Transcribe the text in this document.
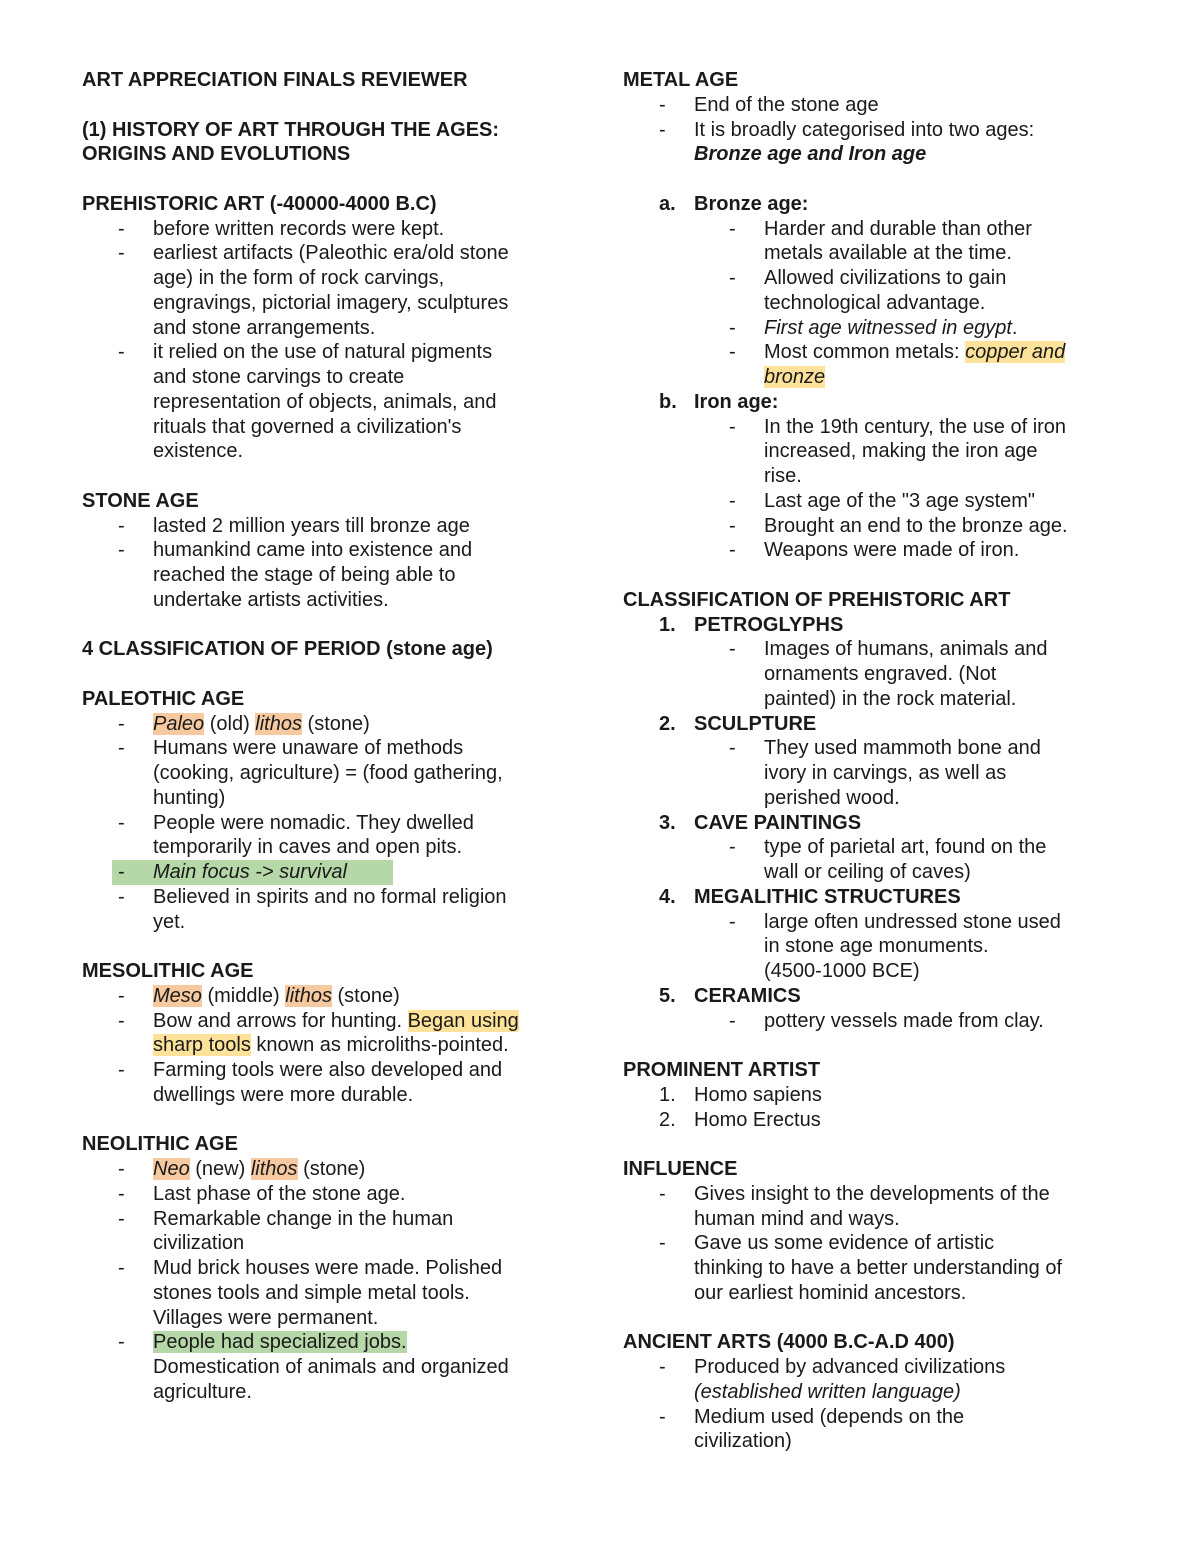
ART APPRECIATION FINALS REVIEWER
(1) HISTORY OF ART THROUGH THE AGES:
ORIGINS AND EVOLUTIONS
PREHISTORIC ART (-40000-4000 B.C)
- before written records were kept.
- earliest artifacts (Paleothic era/old stone
age) in the form of rock carvings,
engravings, pictorial imagery, sculptures
and stone arrangements.
- it relied on the use of natural pigments
and stone carvings to create
representation of objects, animals, and
rituals that governed a civilization's
existence.
STONE AGE
- lasted 2 million years till bronze age
- humankind came into existence and
reached the stage of being able to
undertake artists activities.
4 CLASSIFICATION OF PERIOD (stone age)
PALEOTHIC AGE
- Paleo (old) lithos (stone)
- Humans were unaware of methods
(cooking, agriculture) = (food gathering,
hunting)
- People were nomadic. They dwelled
temporarily in caves and open pits.
- Main focus -> survival
- Believed in spirits and no formal religion
yet.
MESOLITHIC AGE
- Meso (middle) lithos (stone)
- Bow and arrows for hunting. Began using
sharp tools known as microliths-pointed.
- Farming tools were also developed and
dwellings were more durable.
NEOLITHIC AGE
- Neo (new) lithos (stone)
- Last phase of the stone age.
- Remarkable change in the human
civilization
- Mud brick houses were made. Polished
stones tools and simple metal tools.
Villages were permanent.
- People had specialized jobs.
Domestication of animals and organized
agriculture.
METAL AGE
- End of the stone age
- It is broadly categorised into two ages:
Bronze age and Iron age
a. Bronze age:
- Harder and durable than other
metals available at the time.
- Allowed civilizations to gain
technological advantage.
- First age witnessed in egypt.
- Most common metals: copper and
bronze
b. Iron age:
- In the 19th century, the use of iron
increased, making the iron age
rise.
- Last age of the "3 age system"
- Brought an end to the bronze age.
- Weapons were made of iron.
CLASSIFICATION OF PREHISTORIC ART
1. PETROGLYPHS
- Images of humans, animals and
ornaments engraved. (Not
painted) in the rock material.
2. SCULPTURE
- They used mammoth bone and
ivory in carvings, as well as
perished wood.
3. CAVE PAINTINGS
- type of parietal art, found on the
wall or ceiling of caves)
4. MEGALITHIC STRUCTURES
- large often undressed stone used
in stone age monuments.
(4500-1000 BCE)
5. CERAMICS
- pottery vessels made from clay.
PROMINENT ARTIST
1. Homo sapiens
2. Homo Erectus
INFLUENCE
- Gives insight to the developments of the
human mind and ways.
- Gave us some evidence of artistic
thinking to have a better understanding of
our earliest hominid ancestors.
ANCIENT ARTS (4000 B.C-A.D 400)
- Produced by advanced civilizations
(established written language)
- Medium used (depends on the
civilization)
